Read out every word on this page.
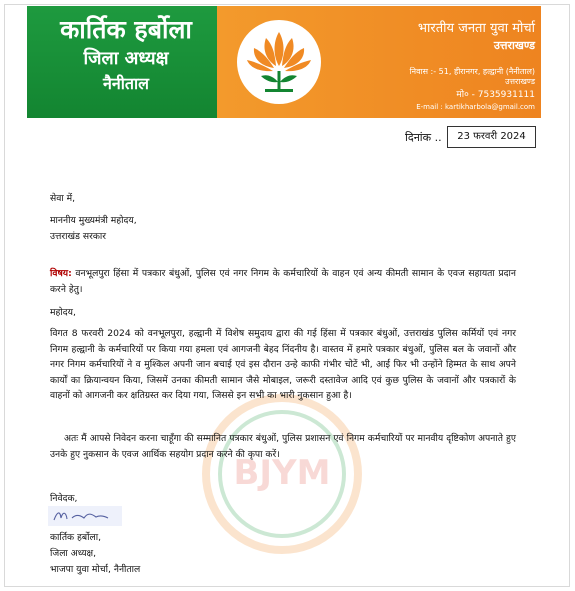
कार्तिक हर्बोला
जिला अध्यक्ष
नैनीताल
भारतीय जनता युवा मोर्चा
उत्तराखण्ड
निवास :- 51, हीरानगर, हल्द्वानी (नैनीताल)
उत्तराखण्ड
मो० - 7535931111
E-mail : kartikharbola@gmail.com
दिनांक ..	23 फरवरी 2024
BJYM
सेवा में,
माननीय मुख्यमंत्री महोदय,
उत्तराखंड सरकार
विषय: वनभूलपुरा हिंसा में पत्रकार बंधुओं, पुलिस एवं नगर निगम के कर्मचारियों के वाहन एवं अन्य कीमती सामान के एवज सहायता प्रदान करने हेतु।
महोदय,
विगत 8 फरवरी 2024 को वनभूलपुरा, हल्द्वानी में विशेष समुदाय द्वारा की गई हिंसा में पत्रकार बंधुओं, उत्तराखंड पुलिस कर्मियों एवं नगर निगम हल्द्वानी के कर्मचारियों पर किया गया हमला एवं आगजनी बेहद निंदनीय है। वास्तव में हमारे पत्रकार बंधुओं, पुलिस बल के जवानों और नगर निगम कर्मचारियों ने व मुश्किल अपनी जान बचाई एवं इस दौरान उन्हे काफी गंभीर चोटें भी, आई फिर भी उन्होंने हिम्मत के साथ अपने कार्यों का क्रियान्वयन किया, जिसमें उनका कीमती सामान जैसे मोबाइल, जरूरी दस्तावेज आदि एवं कुछ पुलिस के जवानों और पत्रकारों के वाहनों को आगजनी कर क्षतिग्रस्त कर दिया गया, जिससे इन सभी का भारी नुकसान हुआ है।
अतः मैं आपसे निवेदन करना चाहूँगा की सम्मानित पत्रकार बंधुओं, पुलिस प्रशासन एवं निगम कर्मचारियों पर मानवीय दृष्टिकोण अपनाते हुए उनके हुए नुकसान के एवज आर्थिक सहयोग प्रदान करने की कृपा करें।
निवेदक,
कार्तिक हर्बोला,
जिला अध्यक्ष,
भाजपा युवा मोर्चा, नैनीताल
